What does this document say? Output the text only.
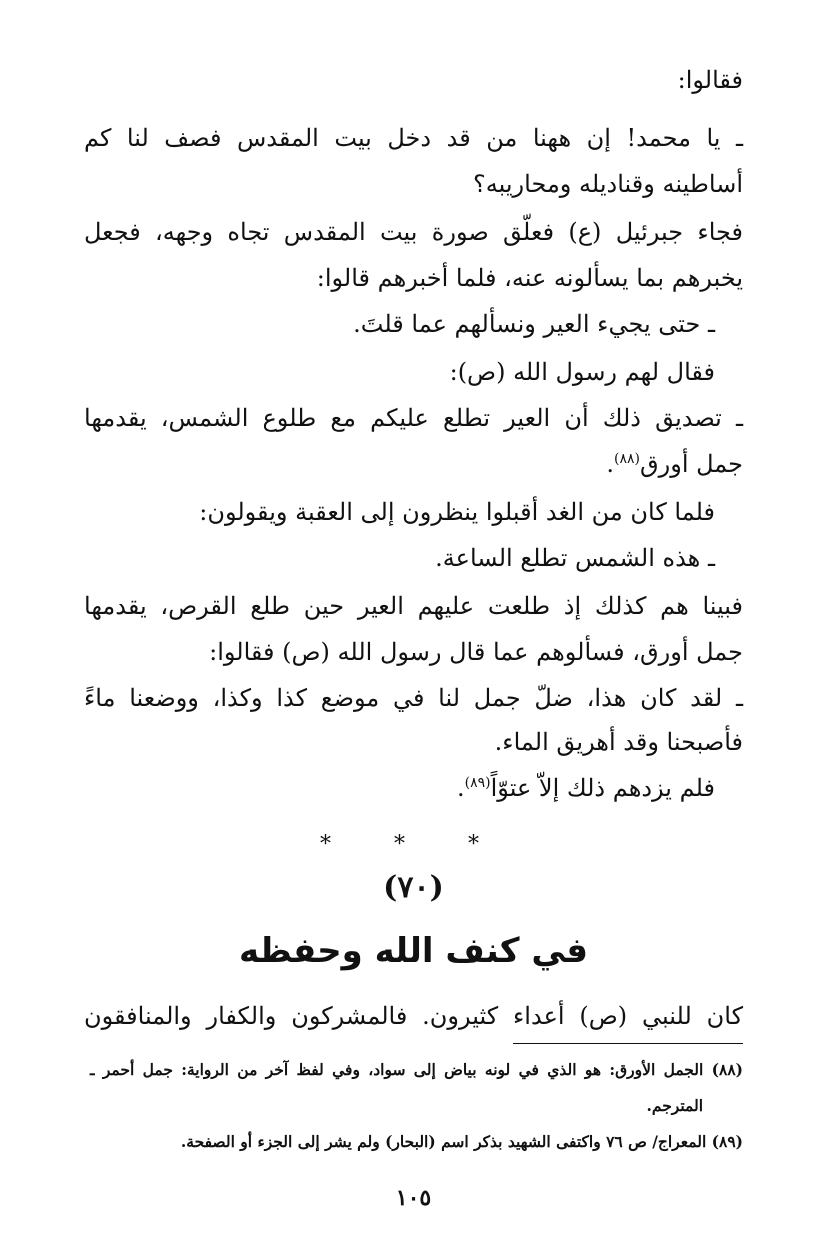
فقالوا:
ـ يا محمد! إن ههنا من قد دخل بيت المقدس فصف لنا كم
أساطينه وقناديله ومحاريبه؟
فجاء جبرئيل (ع) فعلّق صورة بيت المقدس تجاه وجهه، فجعل
يخبرهم بما يسألونه عنه، فلما أخبرهم قالوا:
ـ حتى يجيء العير ونسألهم عما قلتَ.
فقال لهم رسول الله (ص):
ـ تصديق ذلك أن العير تطلع عليكم مع طلوع الشمس، يقدمها
جمل أورق$^{(٨٨)}$.
فلما كان من الغد أقبلوا ينظرون إلى العقبة ويقولون:
ـ هذه الشمس تطلع الساعة.
فبينا هم كذلك إذ طلعت عليهم العير حين طلع القرص، يقدمها
جمل أورق، فسألوهم عما قال رسول الله (ص) فقالوا:
ـ لقد كان هذا، ضلّ جمل لنا في موضع كذا وكذا، ووضعنا ماءً
فأصبحنا وقد أهريق الماء.
فلم يزدهم ذلك إلاّ عتوّاً$^{(٨٩)}$.
* * *
(٧٠)
في كنف الله وحفظه
كان للنبي (ص) أعداء كثيرون. فالمشركون والكفار والمنافقون
(٨٨) الجمل الأورق: هو الذي في لونه بياض إلى سواد، وفي لفظ آخر من الرواية: جمل أحمر ـ
المترجم.
(٨٩) المعراج/ ص ٧٦ واكتفى الشهيد بذكر اسم (البحار) ولم يشر إلى الجزء أو الصفحة.
١٠٥
